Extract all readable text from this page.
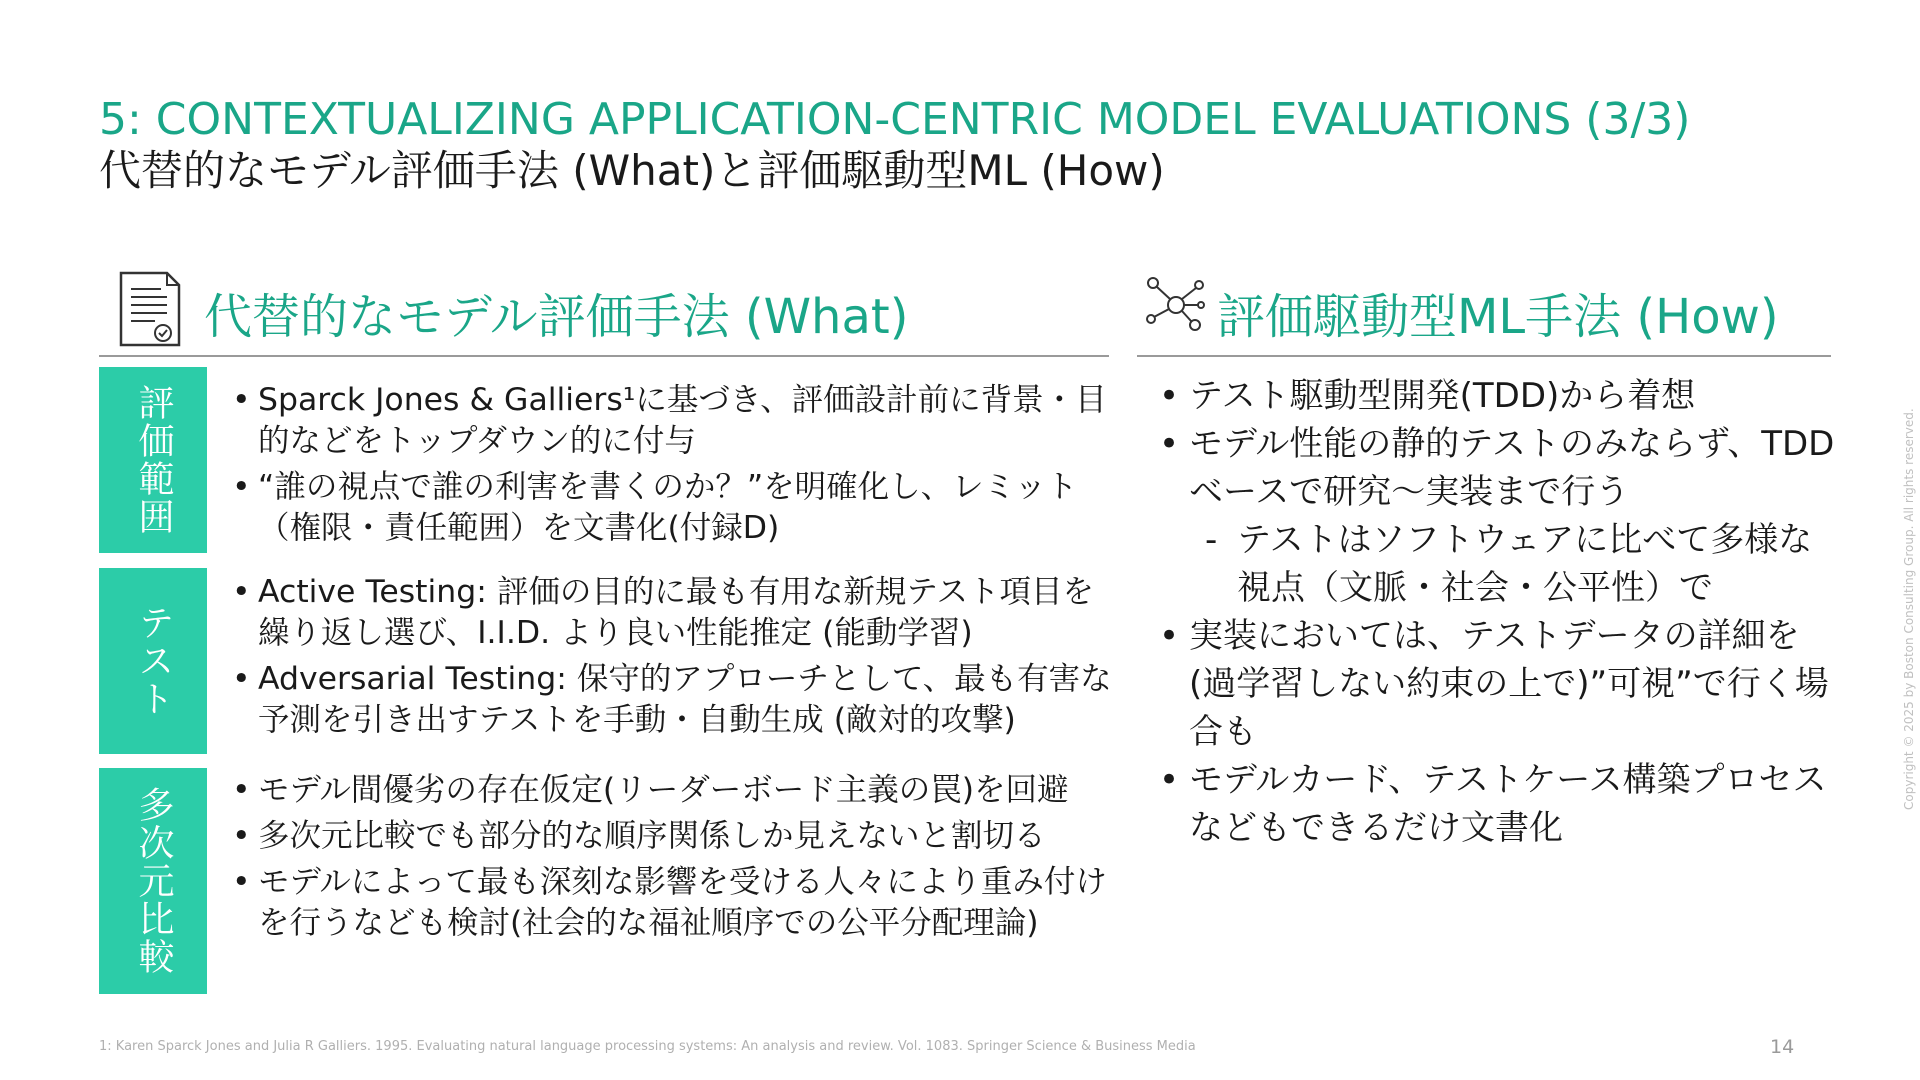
5: CONTEXTUALIZING APPLICATION-CENTRIC MODEL EVALUATIONS (3/3)
代替的なモデル評価手法 (What)と評価駆動型ML (How)
代替的なモデル評価手法 (What)	評価駆動型ML手法 (How)
評価範囲
テスト
多次元比較
• Sparck Jones & Galliers¹に基づき、評価設計前に背景・目的などをトップダウン的に付与
• “誰の視点で誰の利害を書くのか？”を明確化し、レミット（権限・責任範囲）を文書化(付録D)
• Active Testing: 評価の目的に最も有用な新規テスト項目を繰り返し選び、I.I.D. より良い性能推定 (能動学習)
• Adversarial Testing: 保守的アプローチとして、最も有害な予測を引き出すテストを手動・自動生成 (敵対的攻撃)
• モデル間優劣の存在仮定(リーダーボード主義の罠)を回避
• 多次元比較でも部分的な順序関係しか見えないと割切る
• モデルによって最も深刻な影響を受ける人々により重み付けを行うなども検討(社会的な福祉順序での公平分配理論)
• テスト駆動型開発(TDD)から着想
• モデル性能の静的テストのみならず、TDDベースで研究～実装まで行う
- テストはソフトウェアに比べて多様な視点（文脈・社会・公平性）で
• 実装においては、テストデータの詳細を(過学習しない約束の上で)”可視”で行く場合も
• モデルカード、テストケース構築プロセスなどもできるだけ文書化
1: Karen Sparck Jones and Julia R Galliers. 1995. Evaluating natural language processing systems: An analysis and review. Vol. 1083. Springer Science & Business Media	14
Copyright © 2025 by Boston Consulting Group. All rights reserved.
